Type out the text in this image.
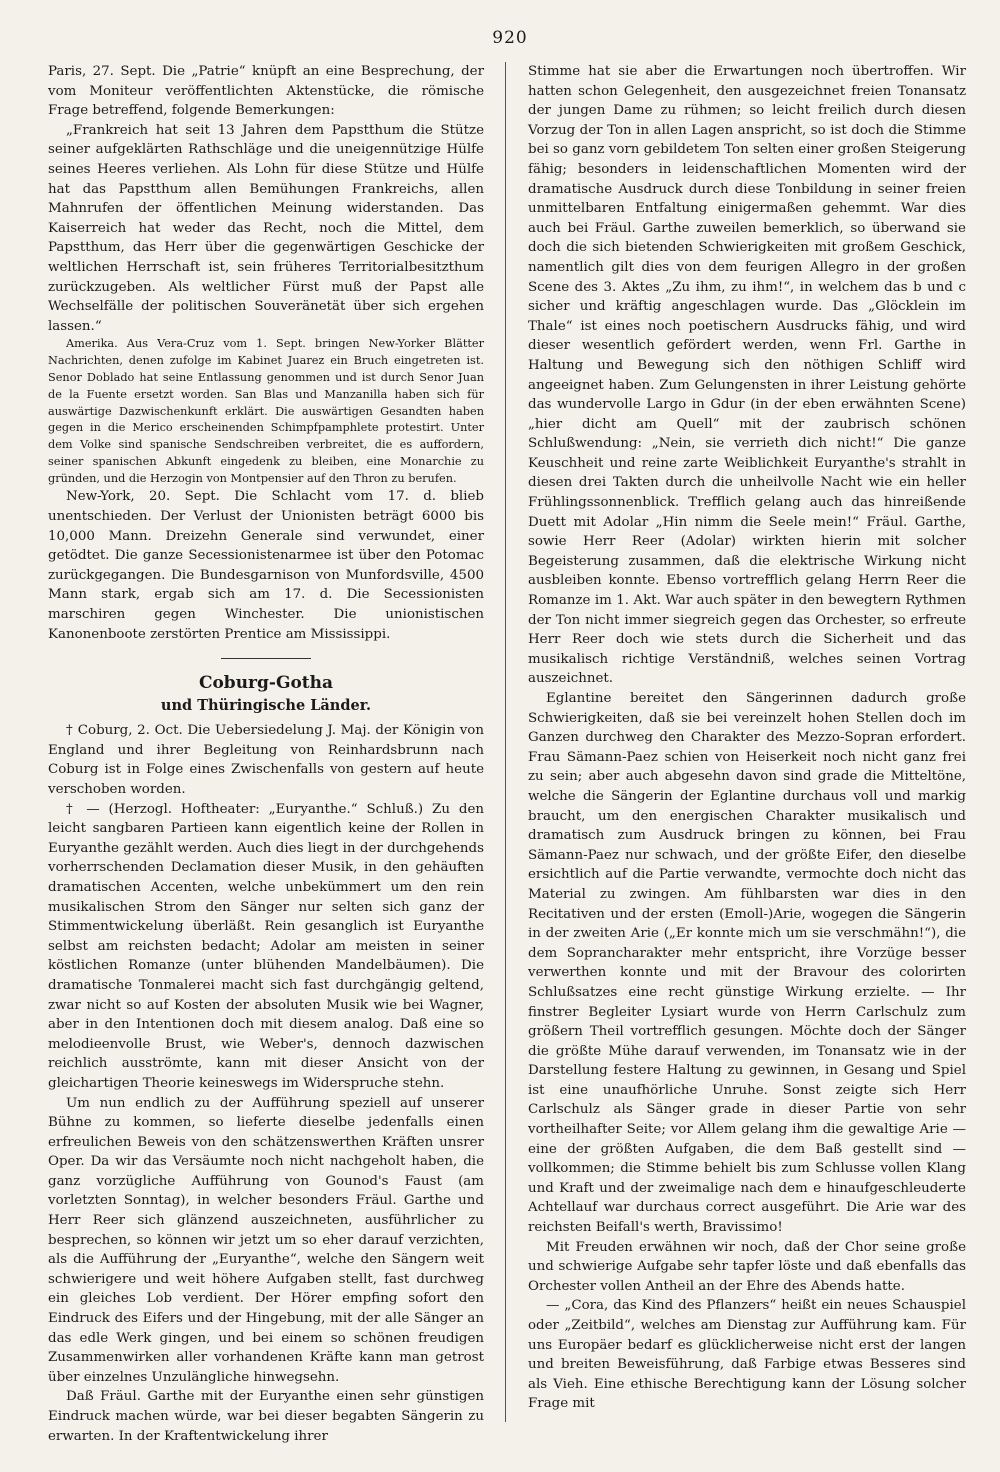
920

Paris, 27. Sept. Die „Patrie“ knüpft an eine Besprechung, der vom Moniteur veröffentlichten Aktenstücke, die römische Frage betreffend, folgende Bemerkungen:

„Frankreich hat seit 13 Jahren dem Papstthum die Stütze seiner aufgeklärten Rathschläge und die uneigennützige Hülfe seines Heeres verliehen. Als Lohn für diese Stütze und Hülfe hat das Papstthum allen Bemühungen Frankreichs, allen Mahnrufen der öffentlichen Meinung widerstanden. Das Kaiserreich hat weder das Recht, noch die Mittel, dem Papstthum, das Herr über die gegenwärtigen Geschicke der weltlichen Herrschaft ist, sein früheres Territorialbesitzthum zurückzugeben. Als weltlicher Fürst muß der Papst alle Wechselfälle der politischen Souveränetät über sich ergehen lassen.“

Amerika. Aus Vera-Cruz vom 1. Sept. bringen New-Yorker Blätter Nachrichten, denen zufolge im Kabinet Juarez ein Bruch eingetreten ist. Senor Doblado hat seine Entlassung genommen und ist durch Senor Juan de la Fuente ersetzt worden. San Blas und Manzanilla haben sich für auswärtige Dazwischenkunft erklärt. Die auswärtigen Gesandten haben gegen in die Merico erscheinenden Schimpfpamphlete protestirt. Unter dem Volke sind spanische Sendschreiben verbreitet, die es auffordern, seiner spanischen Abkunft eingedenk zu bleiben, eine Monarchie zu gründen, und die Herzogin von Montpensier auf den Thron zu berufen.

New-York, 20. Sept. Die Schlacht vom 17. d. blieb unentschieden. Der Verlust der Unionisten beträgt 6000 bis 10,000 Mann. Dreizehn Generale sind verwundet, einer getödtet. Die ganze Secessionistenarmee ist über den Potomac zurückgegangen. Die Bundesgarnison von Munfordsville, 4500 Mann stark, ergab sich am 17. d. Die Secessionisten marschiren gegen Winchester. Die unionistischen Kanonenboote zerstörten Prentice am Mississippi.

Coburg-Gotha

und Thüringische Länder.

† Coburg, 2. Oct. Die Uebersiedelung J. Maj. der Königin von England und ihrer Begleitung von Reinhardsbrunn nach Coburg ist in Folge eines Zwischenfalls von gestern auf heute verschoben worden.

† — (Herzogl. Hoftheater: „Euryanthe.“ Schluß.) Zu den leicht sangbaren Partieen kann eigentlich keine der Rollen in Euryanthe gezählt werden. Auch dies liegt in der durchgehends vorherrschenden Declamation dieser Musik, in den gehäuften dramatischen Accenten, welche unbekümmert um den rein musikalischen Strom den Sänger nur selten sich ganz der Stimmentwickelung überläßt. Rein gesanglich ist Euryanthe selbst am reichsten bedacht; Adolar am meisten in seiner köstlichen Romanze (unter blühenden Mandelbäumen). Die dramatische Tonmalerei macht sich fast durchgängig geltend, zwar nicht so auf Kosten der absoluten Musik wie bei Wagner, aber in den Intentionen doch mit diesem analog. Daß eine so melodieenvolle Brust, wie Weber's, dennoch dazwischen reichlich ausströmte, kann mit dieser Ansicht von der gleichartigen Theorie keineswegs im Widerspruche stehn.

Um nun endlich zu der Aufführung speziell auf unserer Bühne zu kommen, so lieferte dieselbe jedenfalls einen erfreulichen Beweis von den schätzenswerthen Kräften unsrer Oper. Da wir das Versäumte noch nicht nachgeholt haben, die ganz vorzügliche Aufführung von Gounod's Faust (am vorletzten Sonntag), in welcher besonders Fräul. Garthe und Herr Reer sich glänzend auszeichneten, ausführlicher zu besprechen, so können wir jetzt um so eher darauf verzichten, als die Aufführung der „Euryanthe“, welche den Sängern weit schwierigere und weit höhere Aufgaben stellt, fast durchweg ein gleiches Lob verdient. Der Hörer empfing sofort den Eindruck des Eifers und der Hingebung, mit der alle Sänger an das edle Werk gingen, und bei einem so schönen freudigen Zusammenwirken aller vorhandenen Kräfte kann man getrost über einzelnes Unzulängliche hinwegsehn.

Daß Fräul. Garthe mit der Euryanthe einen sehr günstigen Eindruck machen würde, war bei dieser begabten Sängerin zu erwarten. In der Kraftentwickelung ihrer

Stimme hat sie aber die Erwartungen noch übertroffen. Wir hatten schon Gelegenheit, den ausgezeichnet freien Tonansatz der jungen Dame zu rühmen; so leicht freilich durch diesen Vorzug der Ton in allen Lagen anspricht, so ist doch die Stimme bei so ganz vorn gebildetem Ton selten einer großen Steigerung fähig; besonders in leidenschaftlichen Momenten wird der dramatische Ausdruck durch diese Tonbildung in seiner freien unmittelbaren Entfaltung einigermaßen gehemmt. War dies auch bei Fräul. Garthe zuweilen bemerklich, so überwand sie doch die sich bietenden Schwierigkeiten mit großem Geschick, namentlich gilt dies von dem feurigen Allegro in der großen Scene des 3. Aktes „Zu ihm, zu ihm!“, in welchem das b und c sicher und kräftig angeschlagen wurde. Das „Glöcklein im Thale“ ist eines noch poetischern Ausdrucks fähig, und wird dieser wesentlich gefördert werden, wenn Frl. Garthe in Haltung und Bewegung sich den nöthigen Schliff wird angeeignet haben. Zum Gelungensten in ihrer Leistung gehörte das wundervolle Largo in Gdur (in der eben erwähnten Scene) „hier dicht am Quell“ mit der zaubrisch schönen Schlußwendung: „Nein, sie verrieth dich nicht!“ Die ganze Keuschheit und reine zarte Weiblichkeit Euryanthe's strahlt in diesen drei Takten durch die unheilvolle Nacht wie ein heller Frühlingssonnenblick. Trefflich gelang auch das hinreißende Duett mit Adolar „Hin nimm die Seele mein!“ Fräul. Garthe, sowie Herr Reer (Adolar) wirkten hierin mit solcher Begeisterung zusammen, daß die elektrische Wirkung nicht ausbleiben konnte. Ebenso vortrefflich gelang Herrn Reer die Romanze im 1. Akt. War auch später in den bewegtern Rythmen der Ton nicht immer siegreich gegen das Orchester, so erfreute Herr Reer doch wie stets durch die Sicherheit und das musikalisch richtige Verständniß, welches seinen Vortrag auszeichnet.

Eglantine bereitet den Sängerinnen dadurch große Schwierigkeiten, daß sie bei vereinzelt hohen Stellen doch im Ganzen durchweg den Charakter des Mezzo-Sopran erfordert. Frau Sämann-Paez schien von Heiserkeit noch nicht ganz frei zu sein; aber auch abgesehn davon sind grade die Mitteltöne, welche die Sängerin der Eglantine durchaus voll und markig braucht, um den energischen Charakter musikalisch und dramatisch zum Ausdruck bringen zu können, bei Frau Sämann-Paez nur schwach, und der größte Eifer, den dieselbe ersichtlich auf die Partie verwandte, vermochte doch nicht das Material zu zwingen. Am fühlbarsten war dies in den Recitativen und der ersten (Emoll-)Arie, wogegen die Sängerin in der zweiten Arie („Er konnte mich um sie verschmähn!“), die dem Soprancharakter mehr entspricht, ihre Vorzüge besser verwerthen konnte und mit der Bravour des colorirten Schlußsatzes eine recht günstige Wirkung erzielte. — Ihr finstrer Begleiter Lysiart wurde von Herrn Carlschulz zum größern Theil vortrefflich gesungen. Möchte doch der Sänger die größte Mühe darauf verwenden, im Tonansatz wie in der Darstellung festere Haltung zu gewinnen, in Gesang und Spiel ist eine unaufhörliche Unruhe. Sonst zeigte sich Herr Carlschulz als Sänger grade in dieser Partie von sehr vortheilhafter Seite; vor Allem gelang ihm die gewaltige Arie — eine der größten Aufgaben, die dem Baß gestellt sind — vollkommen; die Stimme behielt bis zum Schlusse vollen Klang und Kraft und der zweimalige nach dem e hinaufgeschleuderte Achtellauf war durchaus correct ausgeführt. Die Arie war des reichsten Beifall's werth, Bravissimo!

Mit Freuden erwähnen wir noch, daß der Chor seine große und schwierige Aufgabe sehr tapfer löste und daß ebenfalls das Orchester vollen Antheil an der Ehre des Abends hatte.

— „Cora, das Kind des Pflanzers“ heißt ein neues Schauspiel oder „Zeitbild“, welches am Dienstag zur Aufführung kam. Für uns Europäer bedarf es glücklicherweise nicht erst der langen und breiten Beweisführung, daß Farbige etwas Besseres sind als Vieh. Eine ethische Berechtigung kann der Lösung solcher Frage mit
